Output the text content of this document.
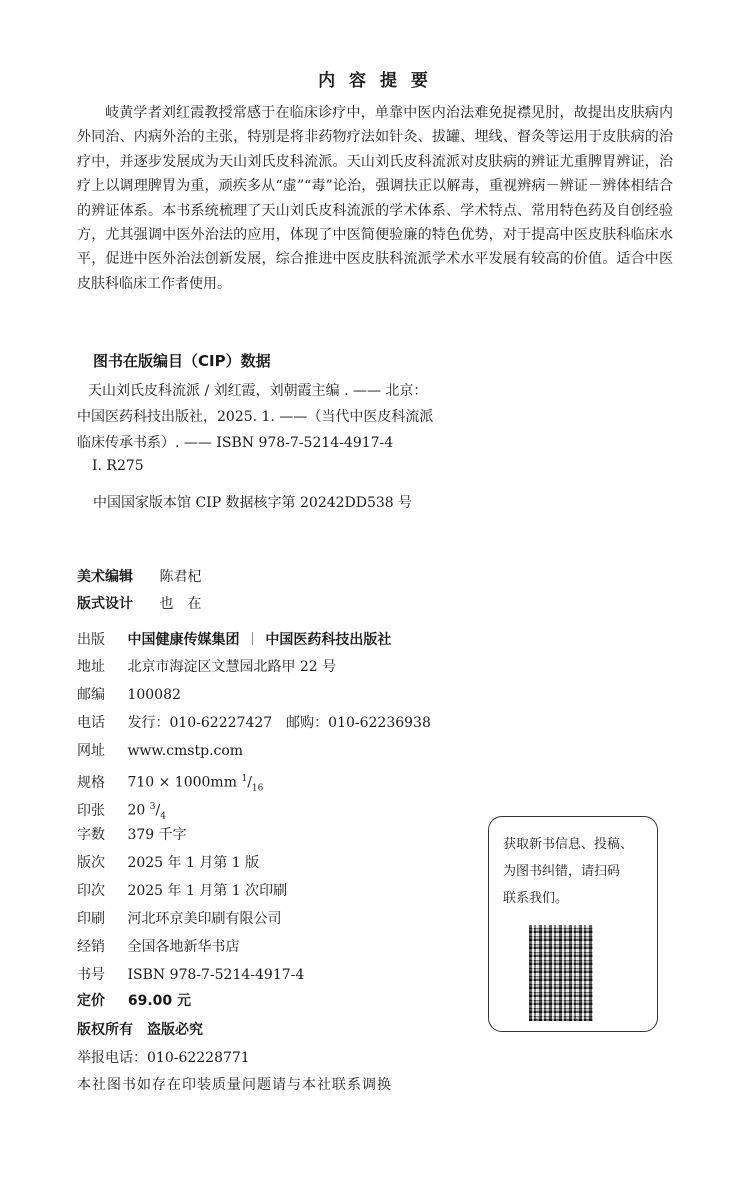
内 容 提 要
岐黄学者刘红霞教授常感于在临床诊疗中，单靠中医内治法难免捉襟见肘，故提出皮肤病内外同治、内病外治的主张，特别是将非药物疗法如针灸、拔罐、埋线、督灸等运用于皮肤病的治疗中，并逐步发展成为天山刘氏皮科流派。天山刘氏皮科流派对皮肤病的辨证尤重脾胃辨证，治疗上以调理脾胃为重，顽疾多从“虚”“毒”论治，强调扶正以解毒，重视辨病－辨证－辨体相结合的辨证体系。本书系统梳理了天山刘氏皮科流派的学术体系、学术特点、常用特色药及自创经验方，尤其强调中医外治法的应用，体现了中医简便验廉的特色优势，对于提高中医皮肤科临床水平，促进中医外治法创新发展，综合推进中医皮肤科流派学术水平发展有较高的价值。适合中医皮肤科临床工作者使用。
图书在版编目（CIP）数据
天山刘氏皮科流派 / 刘红霞，刘朝霞主编 . —— 北京：
中国医药科技出版社，2025. 1. ——（当代中医皮科流派
临床传承书系）. —— ISBN 978-7-5214-4917-4
Ⅰ. R275
中国国家版本馆 CIP 数据核字第 20242DD538 号
美术编辑 陈君杞
版式设计 也　在
出版 中国健康传媒集团 中国医药科技出版社
地址 北京市海淀区文慧园北路甲 22 号
邮编 100082
电话 发行：010-62227427　邮购：010-62236938
网址 www.cmstp.com
规格 710 × 1000mm $^1/_{16}$
印张 20 $^3/_4$
字数 379 千字
版次 2025 年 1 月第 1 版
印次 2025 年 1 月第 1 次印刷
印刷 河北环京美印刷有限公司
经销 全国各地新华书店
书号 ISBN 978-7-5214-4917-4
定价 69.00 元
版权所有　盗版必究
举报电话：010-62228771
本社图书如存在印装质量问题请与本社联系调换
获取新书信息、投稿、
为图书纠错，请扫码
联系我们。
